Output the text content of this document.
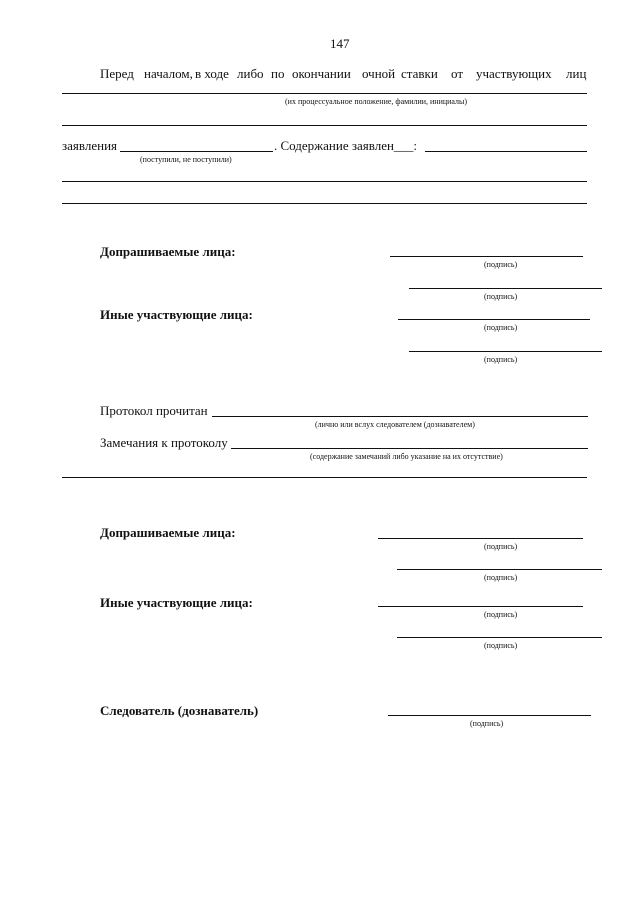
147
Перед началом, в ходе либо по окончании очной ставки от участвующих лиц
(их процессуальное положение, фамилии, инициалы)
заявления	. Содержание заявлен___:
(поступили, не поступили)
Допрашиваемые лица:
(подпись)
(подпись)
Иные участвующие лица:
(подпись)
(подпись)
Протокол прочитан
(лично или вслух следователем (дознавателем)
Замечания к протоколу
(содержание замечаний либо указание на их отсутствие)
Допрашиваемые лица:
(подпись)
(подпись)
Иные участвующие лица:
(подпись)
(подпись)
Следователь (дознаватель)
(подпись)
